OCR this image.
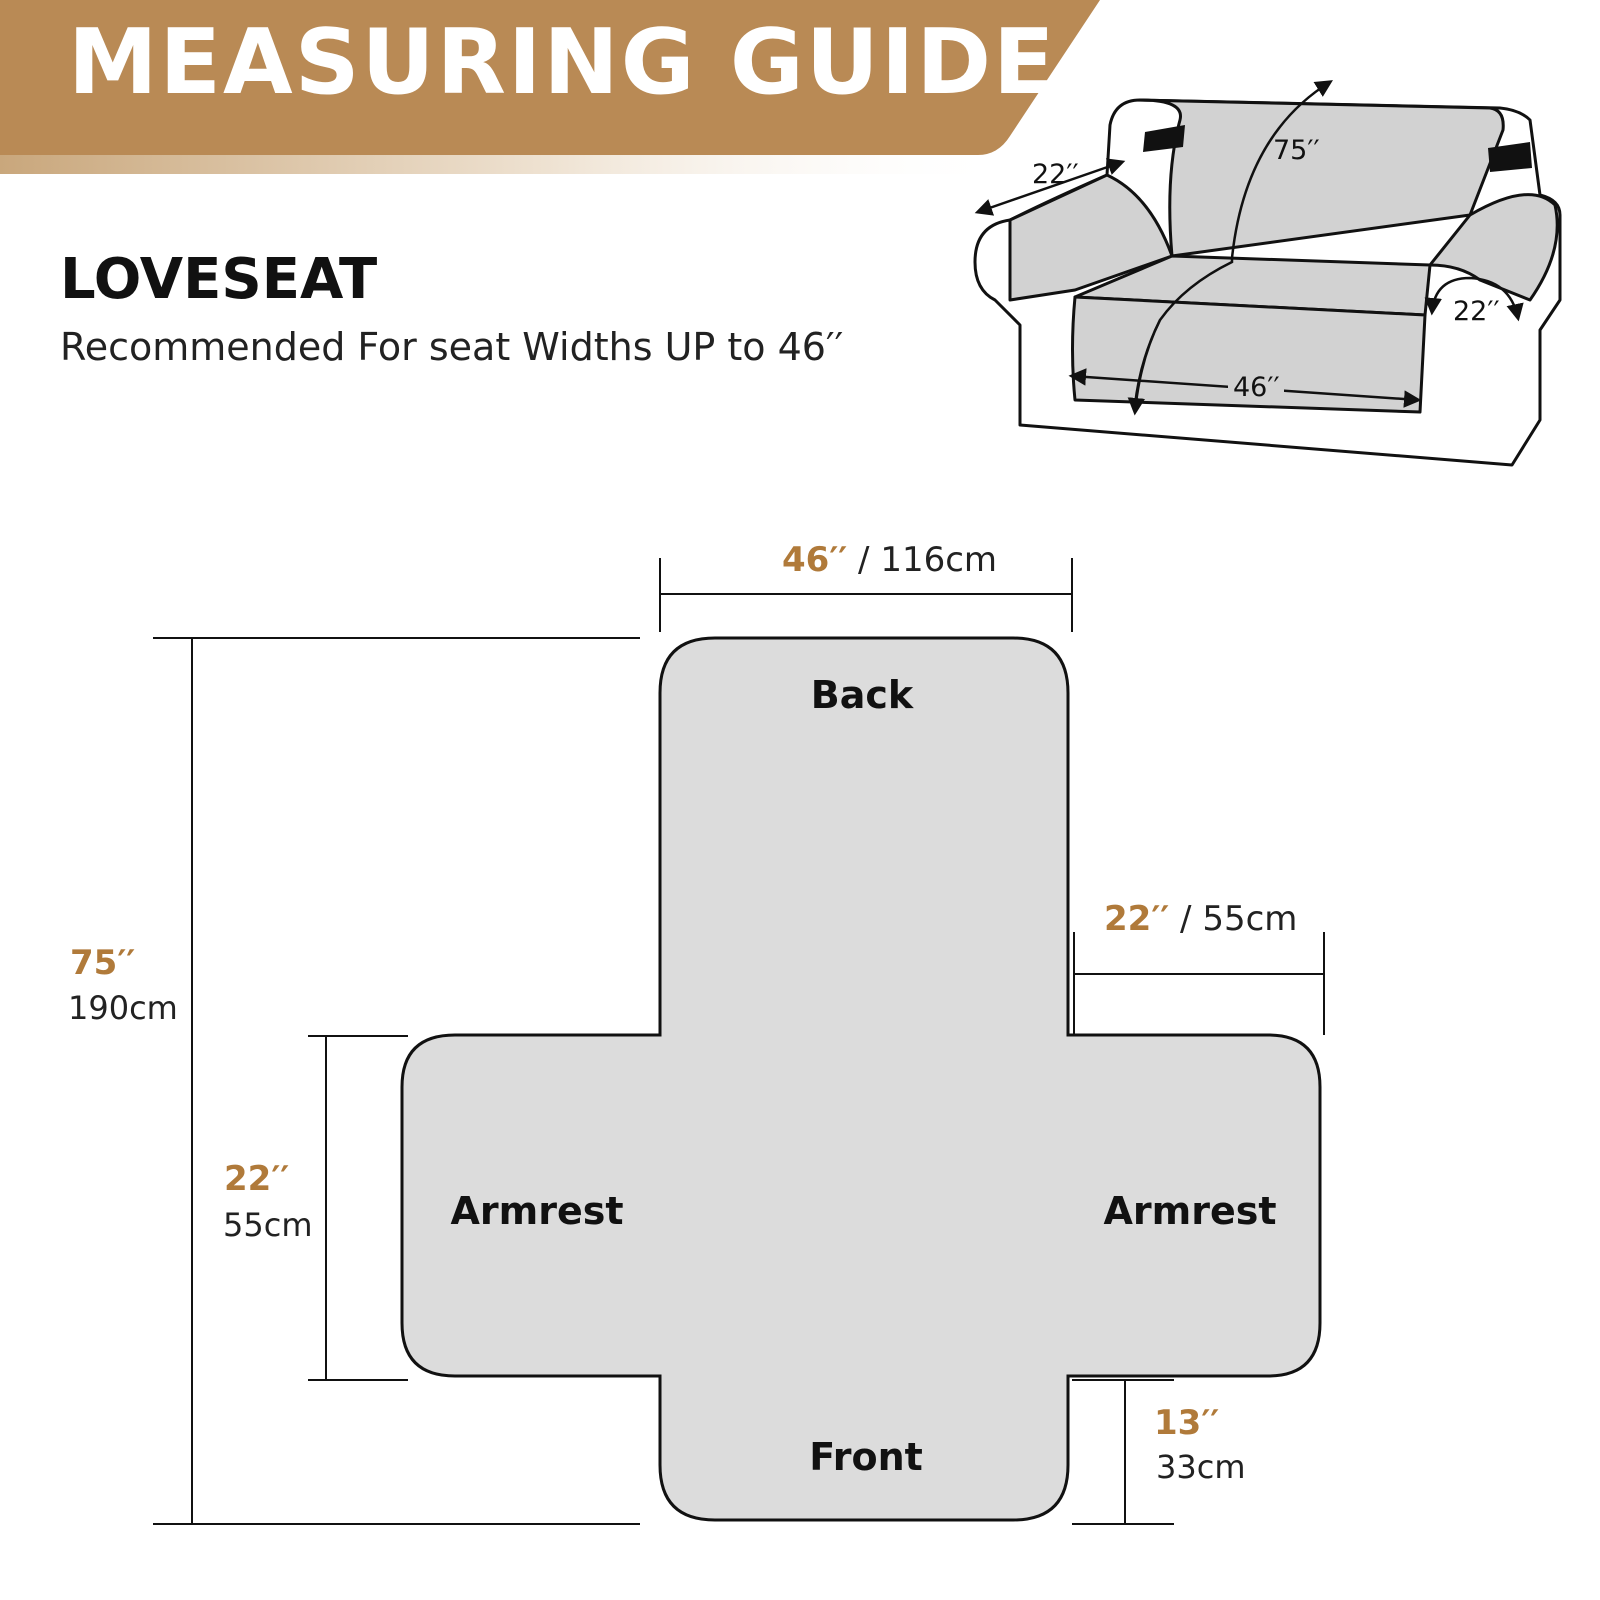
MEASURING GUIDE
LOVESEAT
Recommended For seat Widths UP to 46′′
75′′
22′′
22′′
46′′
Back
Front
Armrest	Armrest
46′′ / 116cm
22′′ / 55cm
75′′
190cm
22′′
55cm
13′′
33cm
